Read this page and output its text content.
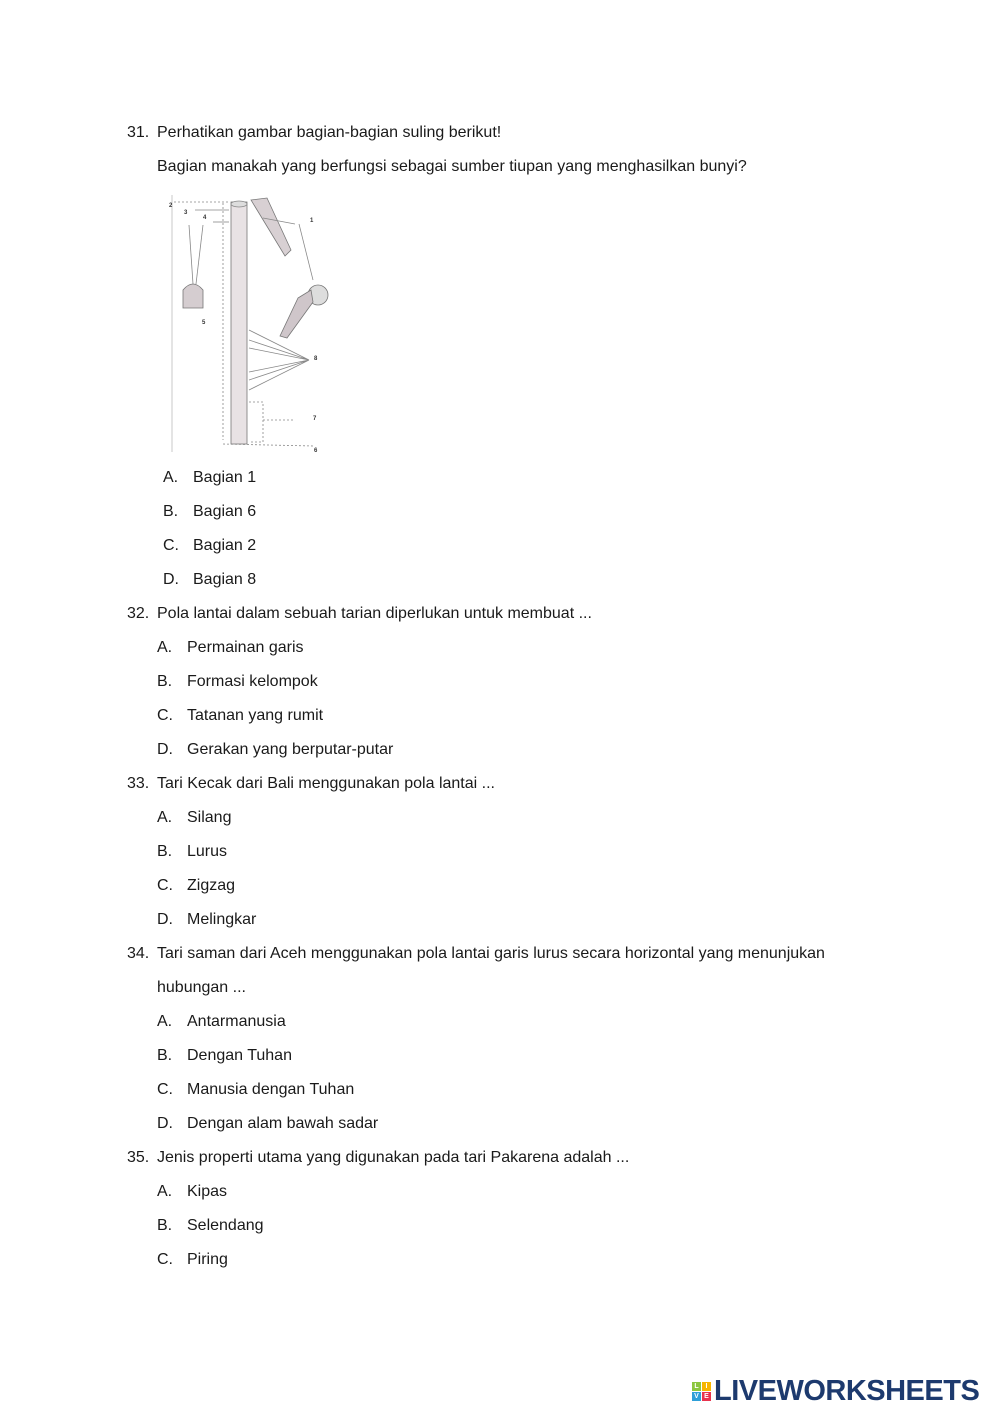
31. Perhatikan gambar bagian-bagian suling berikut!
Bagian manakah yang berfungsi sebagai sumber tiupan yang menghasilkan bunyi?
1
2
3
4
5
6
7
8
A. Bagian 1
B. Bagian 6
C. Bagian 2
D. Bagian 8
32. Pola lantai dalam sebuah tarian diperlukan untuk membuat ...
A. Permainan garis
B. Formasi kelompok
C. Tatanan yang rumit
D. Gerakan yang berputar-putar
33. Tari Kecak dari Bali menggunakan pola lantai ...
A. Silang
B. Lurus
C. Zigzag
D. Melingkar
34. Tari saman dari Aceh menggunakan pola lantai garis lurus secara horizontal yang menunjukan
hubungan ...
A. Antarmanusia
B. Dengan Tuhan
C. Manusia dengan Tuhan
D. Dengan alam bawah sadar
35. Jenis properti utama yang digunakan pada tari Pakarena adalah ...
A. Kipas
B. Selendang
C. Piring
L I
V E LIVEWORKSHEETS
